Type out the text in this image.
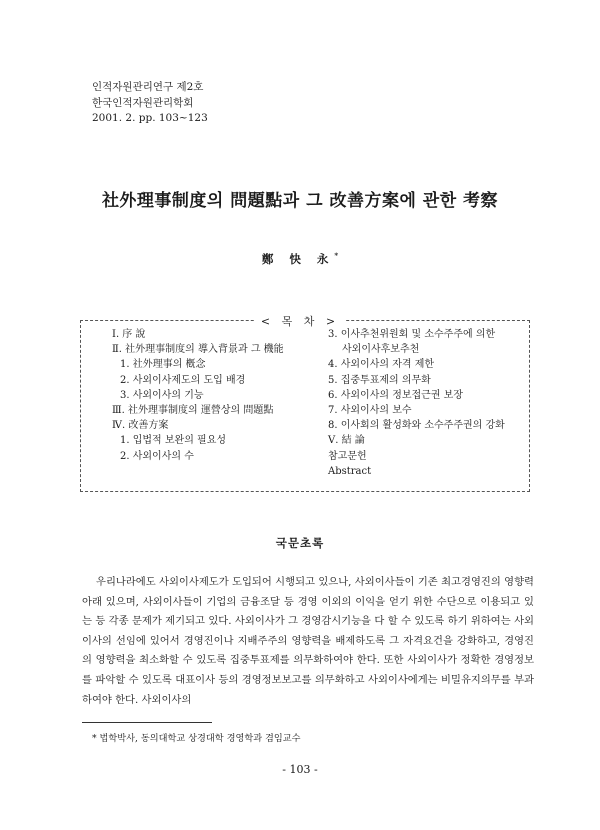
인적자원관리연구 제2호
한국인적자원관리학회
2001. 2. pp. 103~123
社外理事制度의 問題點과 그 改善方案에 관한 考察
鄭 快 永*
< 목 차 >
Ⅰ. 序 說
Ⅱ. 社外理事制度의 導入背景과 그 機能
1. 社外理事의 槪念
2. 사외이사제도의 도입 배경
3. 사외이사의 기능
Ⅲ. 社外理事制度의 運營상의 問題點
Ⅳ. 改善方案
1. 입법적 보완의 필요성
2. 사외이사의 수
3. 이사추천위원회 및 소수주주에 의한
사외이사후보추천
4. 사외이사의 자격 제한
5. 집중투표제의 의무화
6. 사외이사의 정보접근권 보장
7. 사외이사의 보수
8. 이사회의 활성화와 소수주주권의 강화
Ⅴ. 結 論
참고문헌
Abstract
국문초록

우리나라에도 사외이사제도가 도입되어 시행되고 있으나, 사외이사들이 기존 최고경영진의 영향력 아래 있으며, 사외이사들이 기업의 금융조달 등 경영 이외의 이익을 얻기 위한 수단으로 이용되고 있는 등 각종 문제가 제기되고 있다. 사외이사가 그 경영감시기능을 다 할 수 있도록 하기 위하여는 사외이사의 선임에 있어서 경영진이나 지배주주의 영향력을 배제하도록 그 자격요건을 강화하고, 경영진의 영향력을 최소화할 수 있도록 집중투표제를 의무화하여야 한다. 또한 사외이사가 정확한 경영정보를 파악할 수 있도록 대표이사 등의 경영정보보고를 의무화하고 사외이사에게는 비밀유지의무를 부과하여야 한다. 사외이사의

* 법학박사, 동의대학교 상경대학 경영학과 겸임교수
- 103 -
